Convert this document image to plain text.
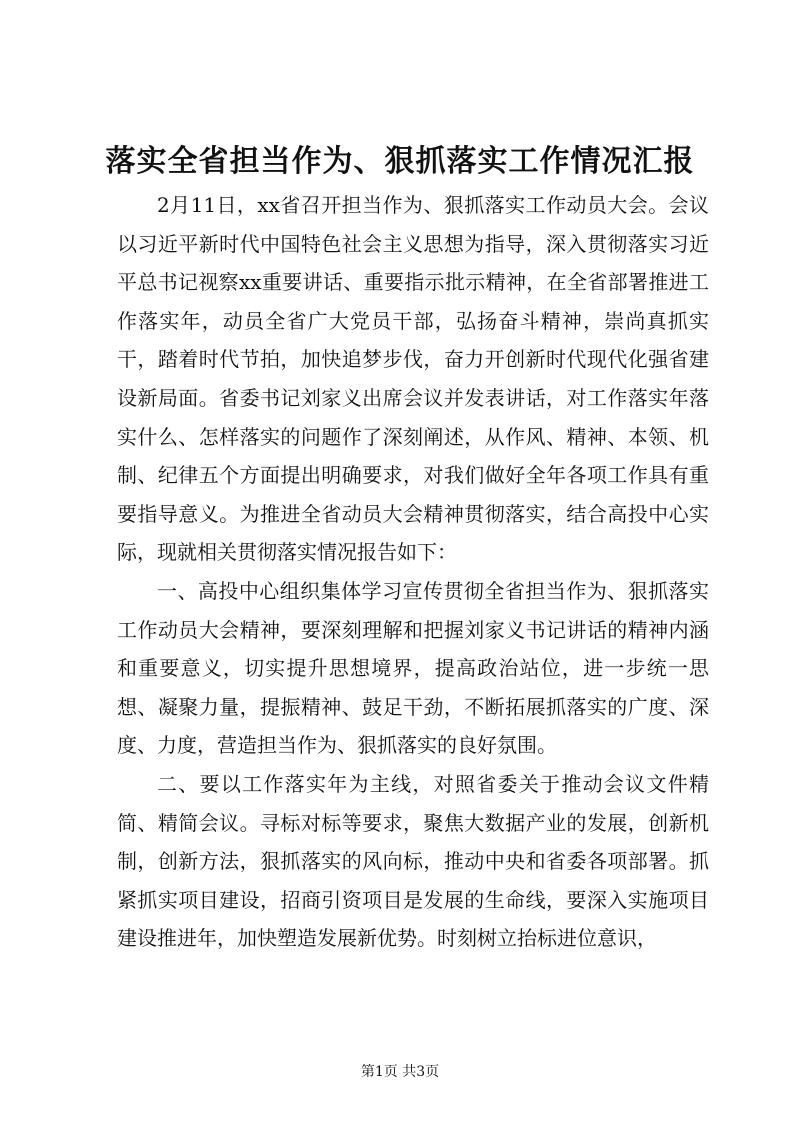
落实全省担当作为、狠抓落实工作情况汇报

2月11日，xx省召开担当作为、狠抓落实工作动员大会。会议以习近平新时代中国特色社会主义思想为指导，深入贯彻落实习近平总书记视察xx重要讲话、重要指示批示精神，在全省部署推进工作落实年，动员全省广大党员干部，弘扬奋斗精神，崇尚真抓实干，踏着时代节拍，加快追梦步伐，奋力开创新时代现代化强省建设新局面。省委书记刘家义出席会议并发表讲话，对工作落实年落实什么、怎样落实的问题作了深刻阐述，从作风、精神、本领、机制、纪律五个方面提出明确要求，对我们做好全年各项工作具有重要指导意义。为推进全省动员大会精神贯彻落实，结合高投中心实际，现就相关贯彻落实情况报告如下：

一、高投中心组织集体学习宣传贯彻全省担当作为、狠抓落实工作动员大会精神，要深刻理解和把握刘家义书记讲话的精神内涵和重要意义，切实提升思想境界，提高政治站位，进一步统一思想、凝聚力量，提振精神、鼓足干劲，不断拓展抓落实的广度、深度、力度，营造担当作为、狠抓落实的良好氛围。

二、要以工作落实年为主线，对照省委关于推动会议文件精简、精简会议。寻标对标等要求，聚焦大数据产业的发展，创新机制，创新方法，狠抓落实的风向标，推动中央和省委各项部署。抓紧抓实项目建设，招商引资项目是发展的生命线，要深入实施项目建设推进年，加快塑造发展新优势。时刻树立抬标进位意识，

第1页 共3页
